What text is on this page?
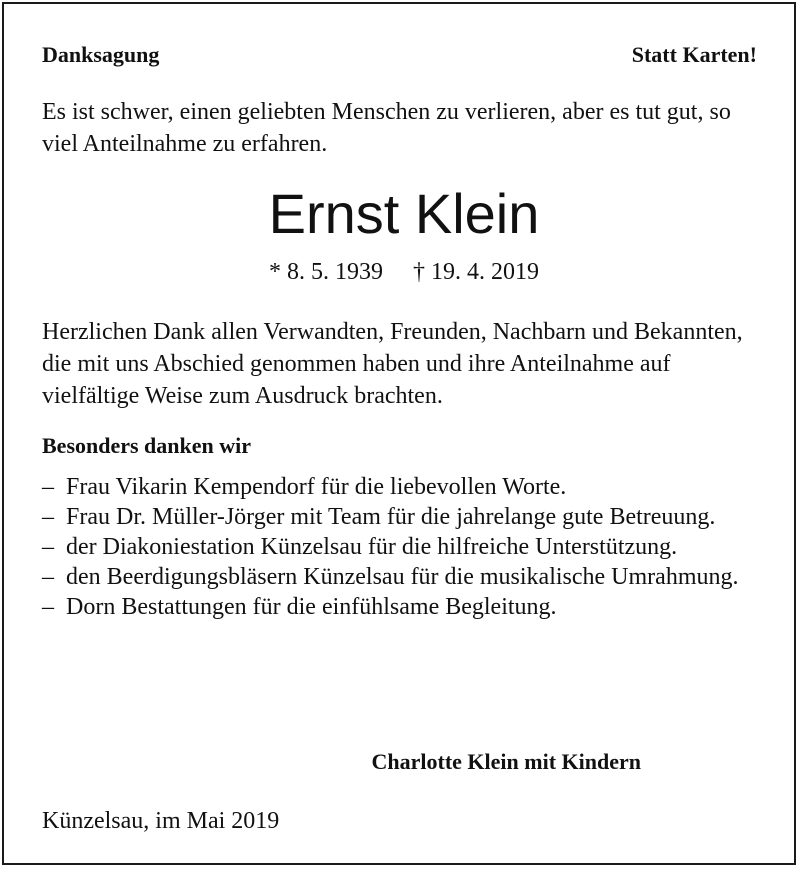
Danksagung	Statt Karten!
Es ist schwer, einen geliebten Menschen zu verlieren, aber es tut gut, so viel Anteilnahme zu erfahren.
Ernst Klein
* 8. 5. 1939 † 19. 4. 2019
Herzlichen Dank allen Verwandten, Freunden, Nachbarn und Bekannten, die mit uns Abschied genommen haben und ihre Anteilnahme auf vielfältige Weise zum Ausdruck brachten.
Besonders danken wir
– Frau Vikarin Kempendorf für die liebevollen Worte.
– Frau Dr. Müller-Jörger mit Team für die jahrelange gute Betreuung.
– der Diakoniestation Künzelsau für die hilfreiche Unterstützung.
– den Beerdigungsbläsern Künzelsau für die musikalische Umrahmung.
– Dorn Bestattungen für die einfühlsame Begleitung.
Charlotte Klein mit Kindern
Künzelsau, im Mai 2019
